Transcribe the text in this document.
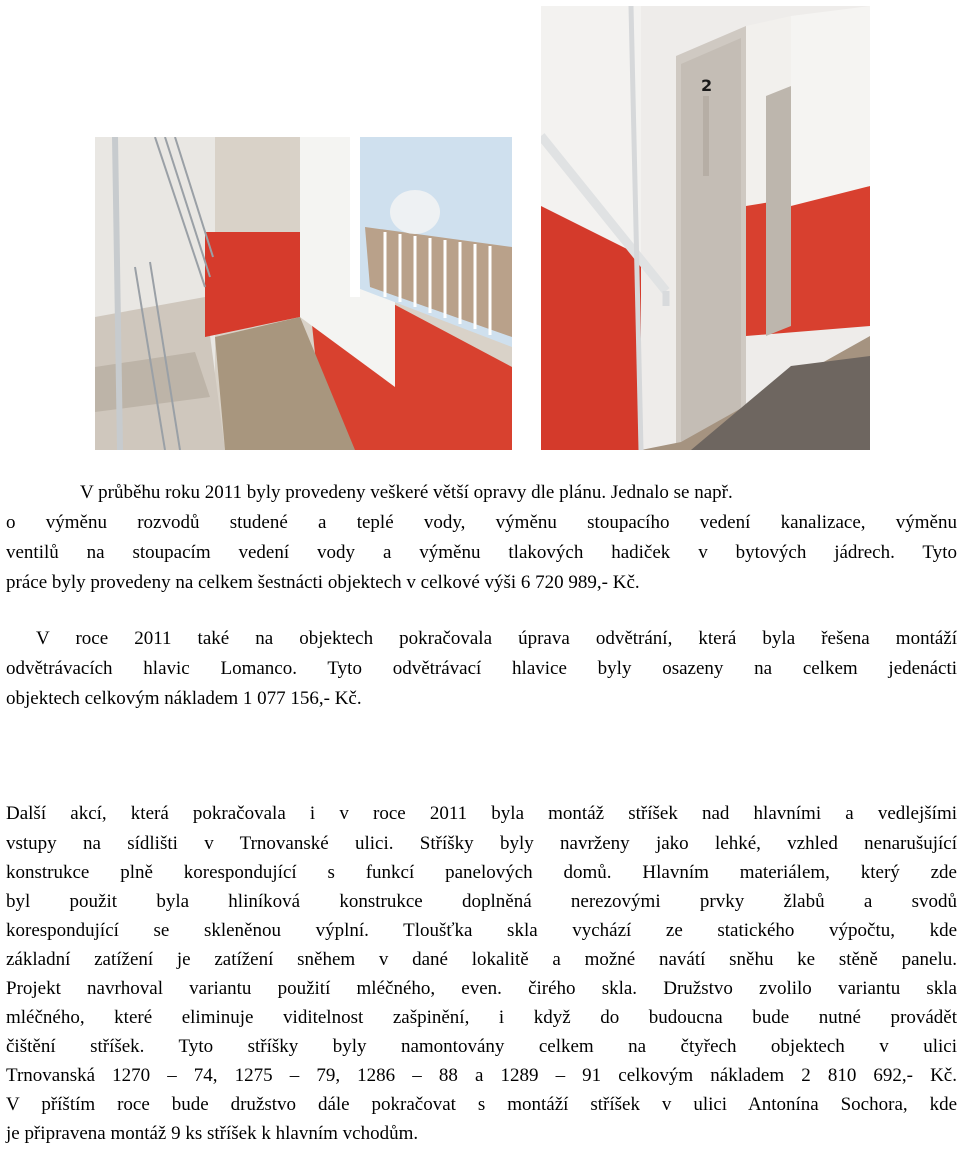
2
V průběhu roku 2011 byly provedeny veškeré větší opravy dle plánu. Jednalo se např.
o výměnu rozvodů studené a teplé vody, výměnu stoupacího vedení kanalizace, výměnu
ventilů na stoupacím vedení vody a výměnu tlakových hadiček v bytových jádrech. Tyto
práce byly provedeny na celkem šestnácti objektech v celkové výši 6 720 989,- Kč.
V roce 2011 také na objektech pokračovala úprava odvětrání, která byla řešena montáží
odvětrávacích hlavic Lomanco. Tyto odvětrávací hlavice byly osazeny na celkem jedenácti
objektech celkovým nákladem 1 077 156,- Kč.
Další akcí, která pokračovala i v roce 2011 byla montáž stříšek nad hlavními a vedlejšími
vstupy na sídlišti v Trnovanské ulici. Stříšky byly navrženy jako lehké, vzhled nenarušující
konstrukce plně korespondující s funkcí panelových domů. Hlavním materiálem, který zde
byl použit byla hliníková konstrukce doplněná nerezovými prvky žlabů a svodů
korespondující se skleněnou výplní. Tloušťka skla vychází ze statického výpočtu, kde
základní zatížení je zatížení sněhem v dané lokalitě a možné navátí sněhu ke stěně panelu.
Projekt navrhoval variantu použití mléčného, even. čirého skla. Družstvo zvolilo variantu skla
mléčného, které eliminuje viditelnost zašpinění, i když do budoucna bude nutné provádět
čištění stříšek. Tyto stříšky byly namontovány celkem na čtyřech objektech v ulici
Trnovanská 1270 – 74, 1275 – 79, 1286 – 88 a 1289 – 91 celkovým nákladem 2 810 692,- Kč.
V příštím roce bude družstvo dále pokračovat s montáží stříšek v ulici Antonína Sochora, kde
je připravena montáž 9 ks stříšek k hlavním vchodům.
